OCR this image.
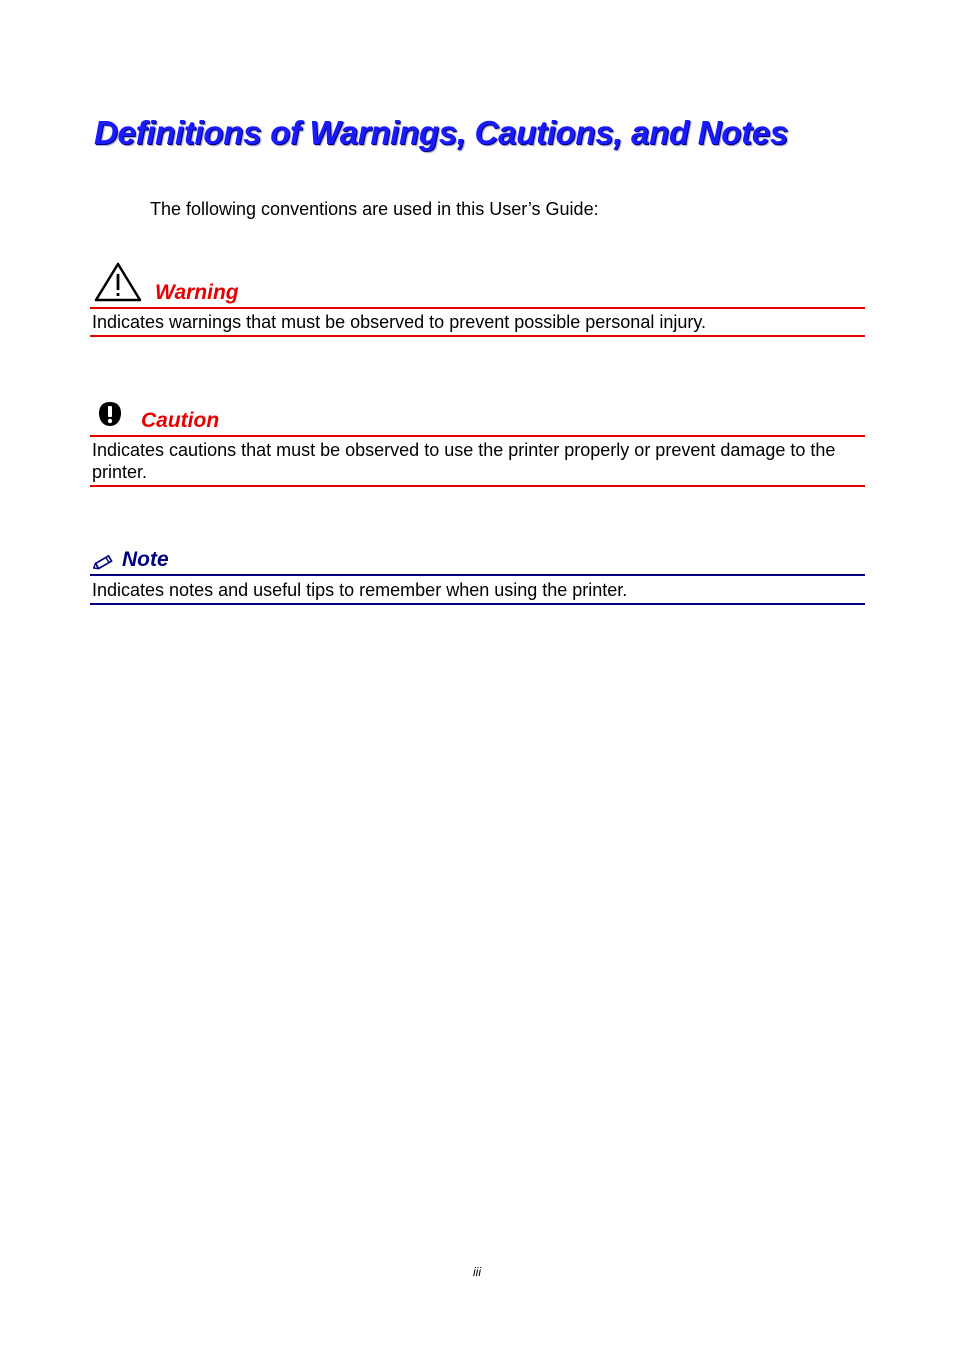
Definitions of Warnings, Cautions, and Notes
The following conventions are used in this User’s Guide:
Warning
Indicates warnings that must be observed to prevent possible personal injury.
Caution
Indicates cautions that must be observed to use the printer properly or prevent damage to the printer.
Note
Indicates notes and useful tips to remember when using the printer.
iii
